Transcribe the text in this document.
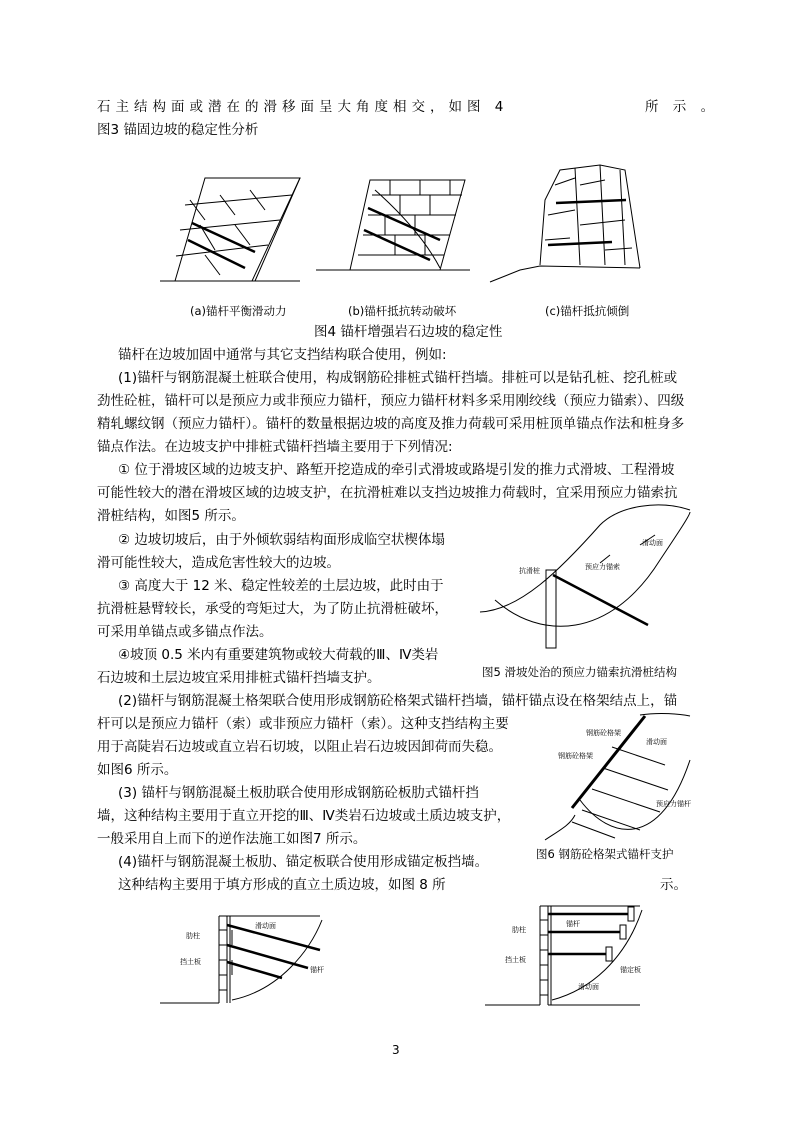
石主结构面或潜在的滑移面呈大角度相交，如图 4	所 示 。
图3 锚固边坡的稳定性分析
(a)锚杆平衡滑动力	(b)锚杆抵抗转动破坏	(c)锚杆抵抗倾倒
图4 锚杆增强岩石边坡的稳定性
锚杆在边坡加固中通常与其它支挡结构联合使用，例如:
(1)锚杆与钢筋混凝土桩联合使用，构成钢筋砼排桩式锚杆挡墙。排桩可以是钻孔桩、挖孔桩或
劲性砼桩，锚杆可以是预应力或非预应力锚杆，预应力锚杆材料多采用刚绞线（预应力锚索）、四级
精轧螺纹钢（预应力锚杆）。锚杆的数量根据边坡的高度及推力荷载可采用桩顶单锚点作法和桩身多
锚点作法。在边坡支护中排桩式锚杆挡墙主要用于下列情况:
① 位于滑坡区域的边坡支护、路堑开挖造成的牵引式滑坡或路堤引发的推力式滑坡、工程滑坡
可能性较大的潜在滑坡区域的边坡支护，在抗滑桩难以支挡边坡推力荷载时，宜采用预应力锚索抗
滑桩结构，如图5 所示。
② 边坡切坡后，由于外倾软弱结构面形成临空状楔体塌
滑可能性较大，造成危害性较大的边坡。
③ 高度大于 12 米、稳定性较差的土层边坡，此时由于
抗滑桩悬臂较长，承受的弯矩过大，为了防止抗滑桩破坏，
可采用单锚点或多锚点作法。
④坡顶 0.5 米内有重要建筑物或较大荷载的Ⅲ、Ⅳ类岩
石边坡和土层边坡宜采用排桩式锚杆挡墙支护。
抗滑桩	预应力锚索
滑动面
图5 滑坡处治的预应力锚索抗滑桩结构
(2)锚杆与钢筋混凝土格架联合使用形成钢筋砼格架式锚杆挡墙，锚杆锚点设在格架结点上，锚
杆可以是预应力锚杆（索）或非预应力锚杆（索）。这种支挡结构主要
用于高陡岩石边坡或直立岩石切坡，以阻止岩石边坡因卸荷而失稳。
如图6 所示。
钢筋砼格架
钢筋砼格架
滑动面
预应力锚杆
图6 钢筋砼格架式锚杆支护
(3) 锚杆与钢筋混凝土板肋联合使用形成钢筋砼板肋式锚杆挡
墙，这种结构主要用于直立开挖的Ⅲ、Ⅳ类岩石边坡或土质边坡支护，
一般采用自上而下的逆作法施工如图7 所示。
(4)锚杆与钢筋混凝土板肋、锚定板联合使用形成锚定板挡墙。
这种结构主要用于填方形成的直立土质边坡，如图 8 所	示。
肋柱
挡土板
滑动面
锚杆
肋柱
锚杆
挡土板
锚定板
滑动面
3
